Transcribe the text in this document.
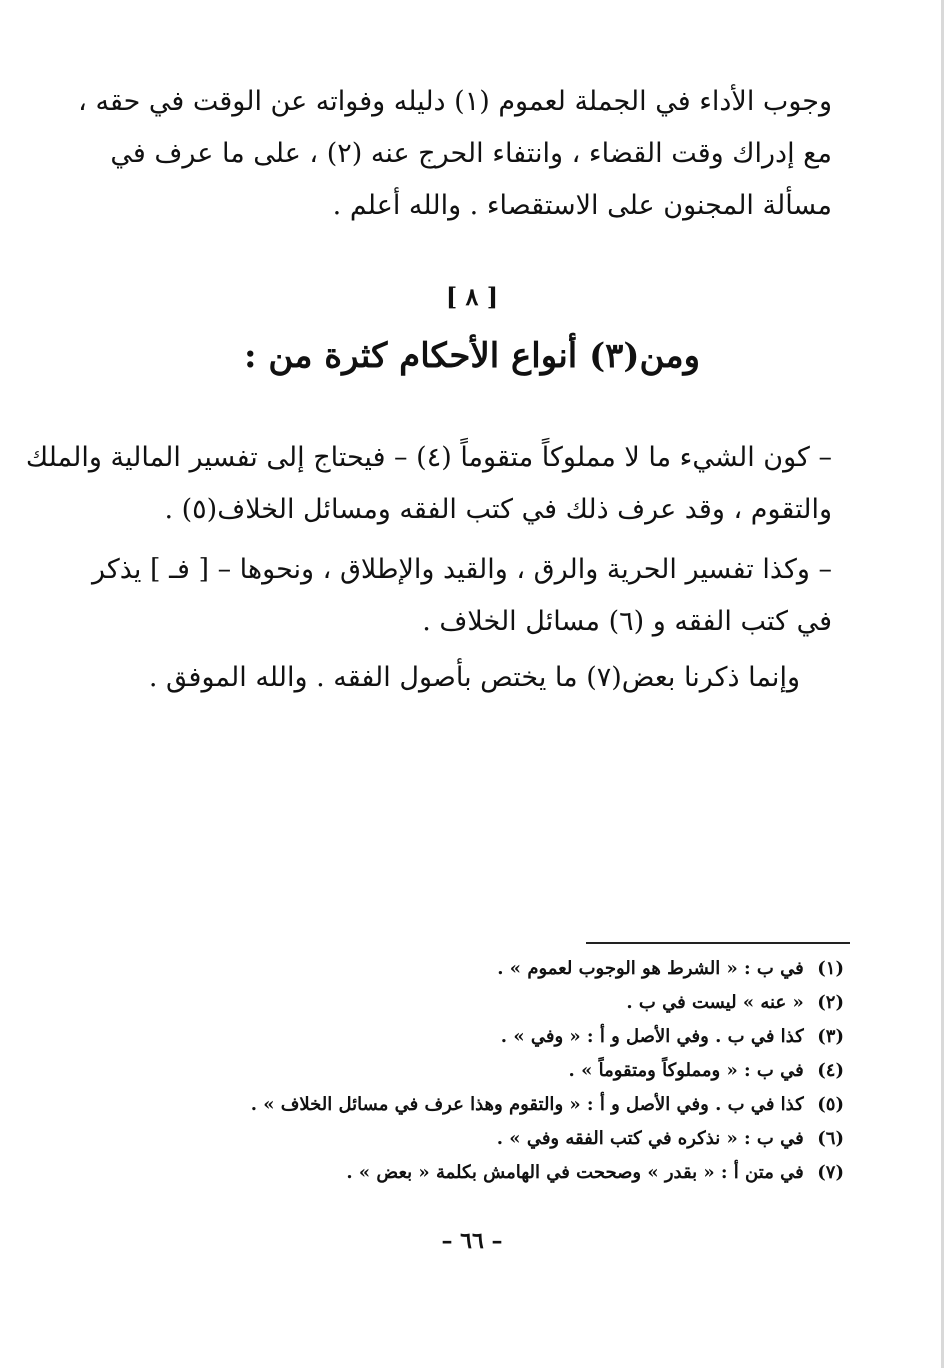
وجوب الأداء في الجملة لعموم (١) دليله وفواته عن الوقت في حقه ،
مع إدراك وقت القضاء ، وانتفاء الحرج عنه (٢) ، على ما عرف في
مسألة المجنون على الاستقصاء . والله أعلم .
[ ٨ ]
ومن(٣) أنواع الأحكام كثرة من :
– كون الشيء ما لا مملوكاً متقوماً (٤) – فيحتاج إلى تفسير المالية والملك
والتقوم ، وقد عرف ذلك في كتب الفقه ومسائل الخلاف(٥) .
– وكذا تفسير الحرية والرق ، والقيد والإطلاق ، ونحوها – [ فـ ] يذكر
في كتب الفقه و (٦) مسائل الخلاف .
وإنما ذكرنا بعض(٧) ما يختص بأصول الفقه . والله الموفق .
(١) في ب : « الشرط هو الوجوب لعموم » .
(٢) « عنه » ليست في ب .
(٣) كذا في ب . وفي الأصل و أ : « وفي » .
(٤) في ب : « ومملوكاً ومتقوماً » .
(٥) كذا في ب . وفي الأصل و أ : « والتقوم وهذا عرف في مسائل الخلاف » .
(٦) في ب : « نذكره في كتب الفقه وفي » .
(٧) في متن أ : « بقدر » وصححت في الهامش بكلمة « بعض » .
– ٦٦ –
